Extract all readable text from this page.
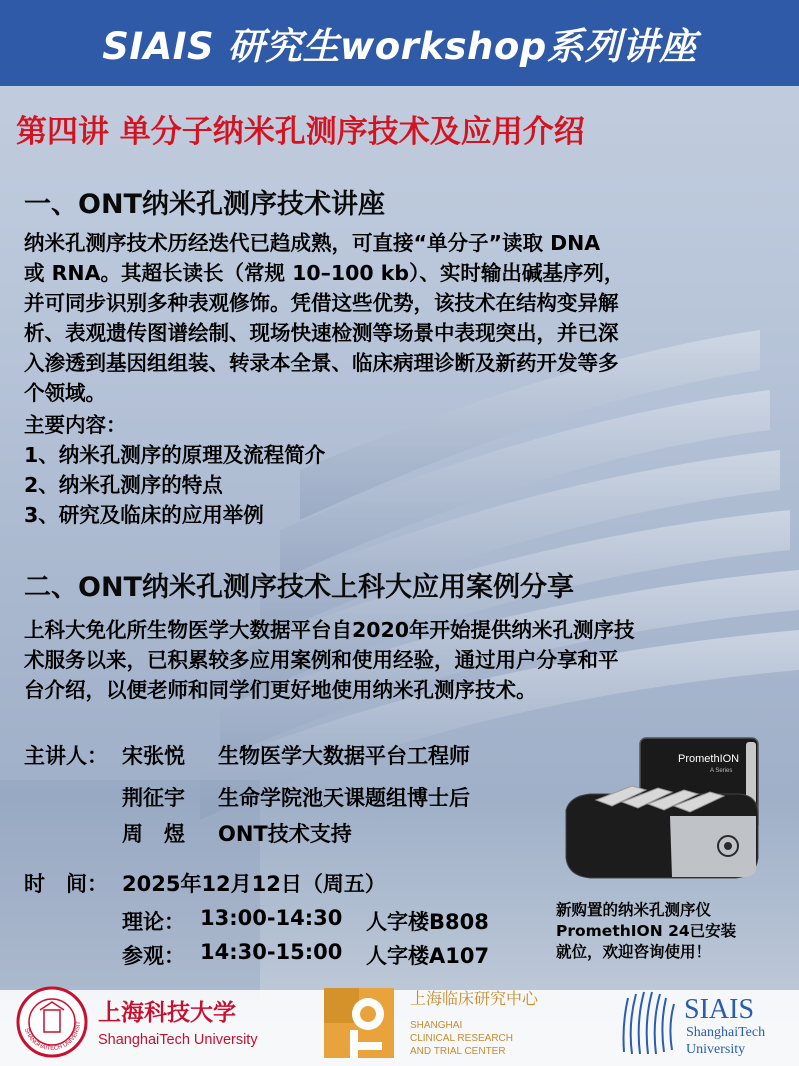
SIAIS 研究生workshop系列讲座
第四讲 单分子纳米孔测序技术及应用介绍
一、ONT纳米孔测序技术讲座
纳米孔测序技术历经迭代已趋成熟，可直接“单分子”读取 DNA
或 RNA。其超长读长（常规 10–100 kb）、实时输出碱基序列，
并可同步识别多种表观修饰。凭借这些优势，该技术在结构变异解
析、表观遗传图谱绘制、现场快速检测等场景中表现突出，并已深
入渗透到基因组组装、转录本全景、临床病理诊断及新药开发等多
个领域。
主要内容：
1、纳米孔测序的原理及流程简介
2、纳米孔测序的特点
3、研究及临床的应用举例
二、ONT纳米孔测序技术上科大应用案例分享
上科大免化所生物医学大数据平台自2020年开始提供纳米孔测序技
术服务以来，已积累较多应用案例和使用经验，通过用户分享和平
台介绍，以便老师和同学们更好地使用纳米孔测序技术。
主讲人： 宋张悦 生物医学大数据平台工程师
荆征宇 生命学院池天课题组博士后
周　煜 ONT技术支持
时　间： 2025年12月12日（周五）
理论： 13:00-14:30 人字楼B808
参观： 14:30-15:00 人字楼A107
PromethION
A Series
新购置的纳米孔测序仪
PromethION 24已安装
就位，欢迎咨询使用！
SHANGHAITECH UNIVERSIT 上海科技大学
ShanghaiTech University
上海临床研究中心
SHANGHAI
CLINICAL RESEARCH
AND TRIAL CENTER
SIAIS
ShanghaiTech
University
